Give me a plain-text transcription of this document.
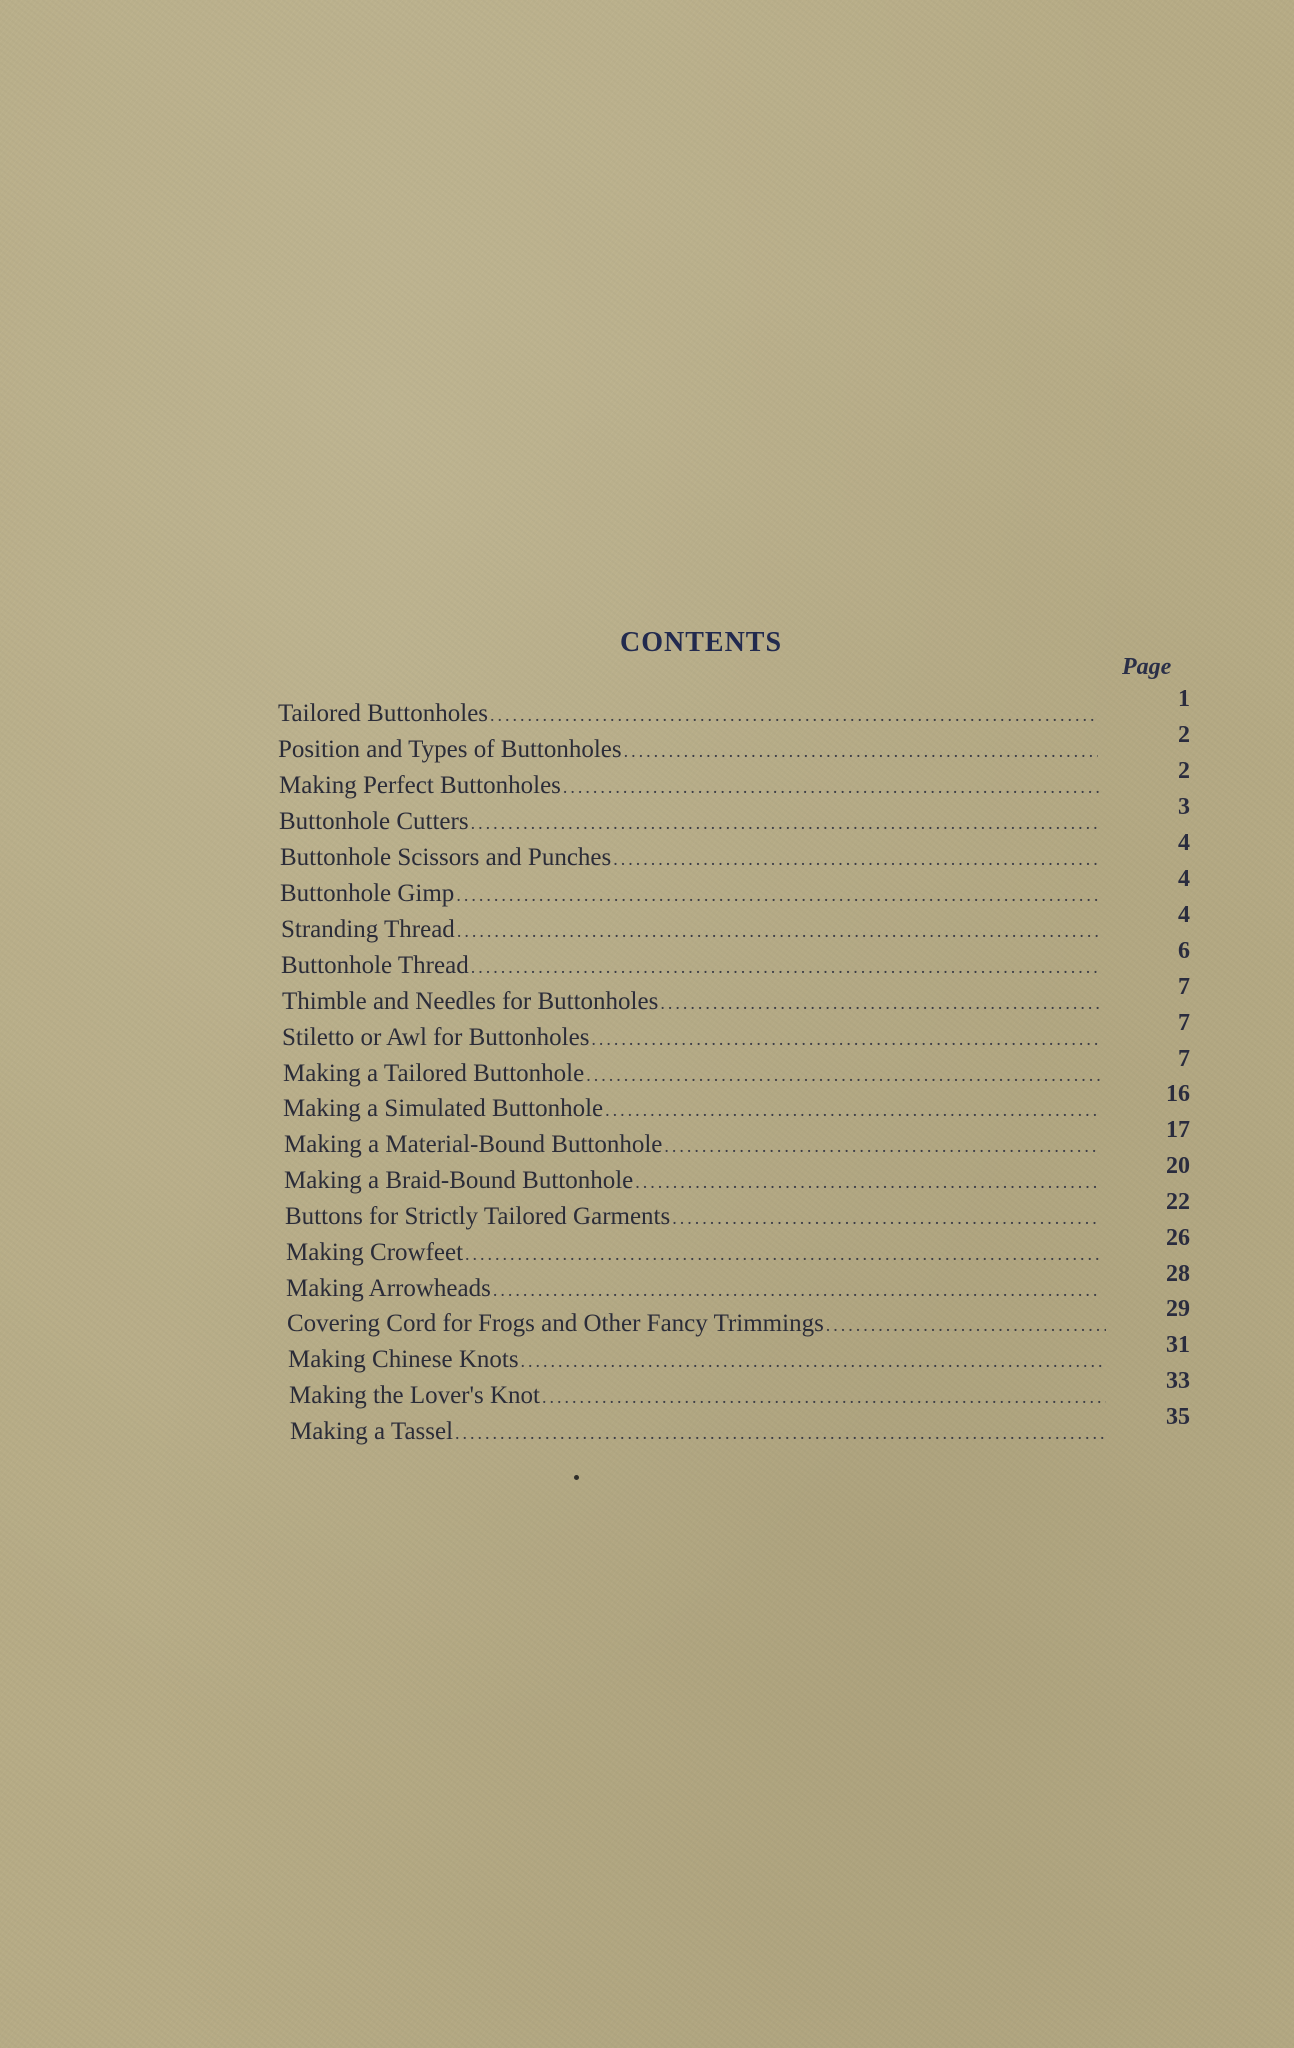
CONTENTS
Page
Tailored Buttonholes
.....
1
Position and Types of Buttonholes
.....
2
Making Perfect Buttonholes
.....
2
Buttonhole Cutters
.....
3
Buttonhole Scissors and Punches
.....
4
Buttonhole Gimp
.....
4
Stranding Thread
.....
4
Buttonhole Thread
.....
6
Thimble and Needles for Buttonholes
.....
7
Stiletto or Awl for Buttonholes
.....
7
Making a Tailored Buttonhole
.....
7
Making a Simulated Buttonhole
.....
16
Making a Material-Bound Buttonhole
.....
17
Making a Braid-Bound Buttonhole
.....
20
Buttons for Strictly Tailored Garments
.....
22
Making Crowfeet
.....
26
Making Arrowheads
.....
28
Covering Cord for Frogs and Other Fancy Trimmings
.....
29
Making Chinese Knots
.....
31
Making the Lover's Knot
.....
33
Making a Tassel
.....
35
